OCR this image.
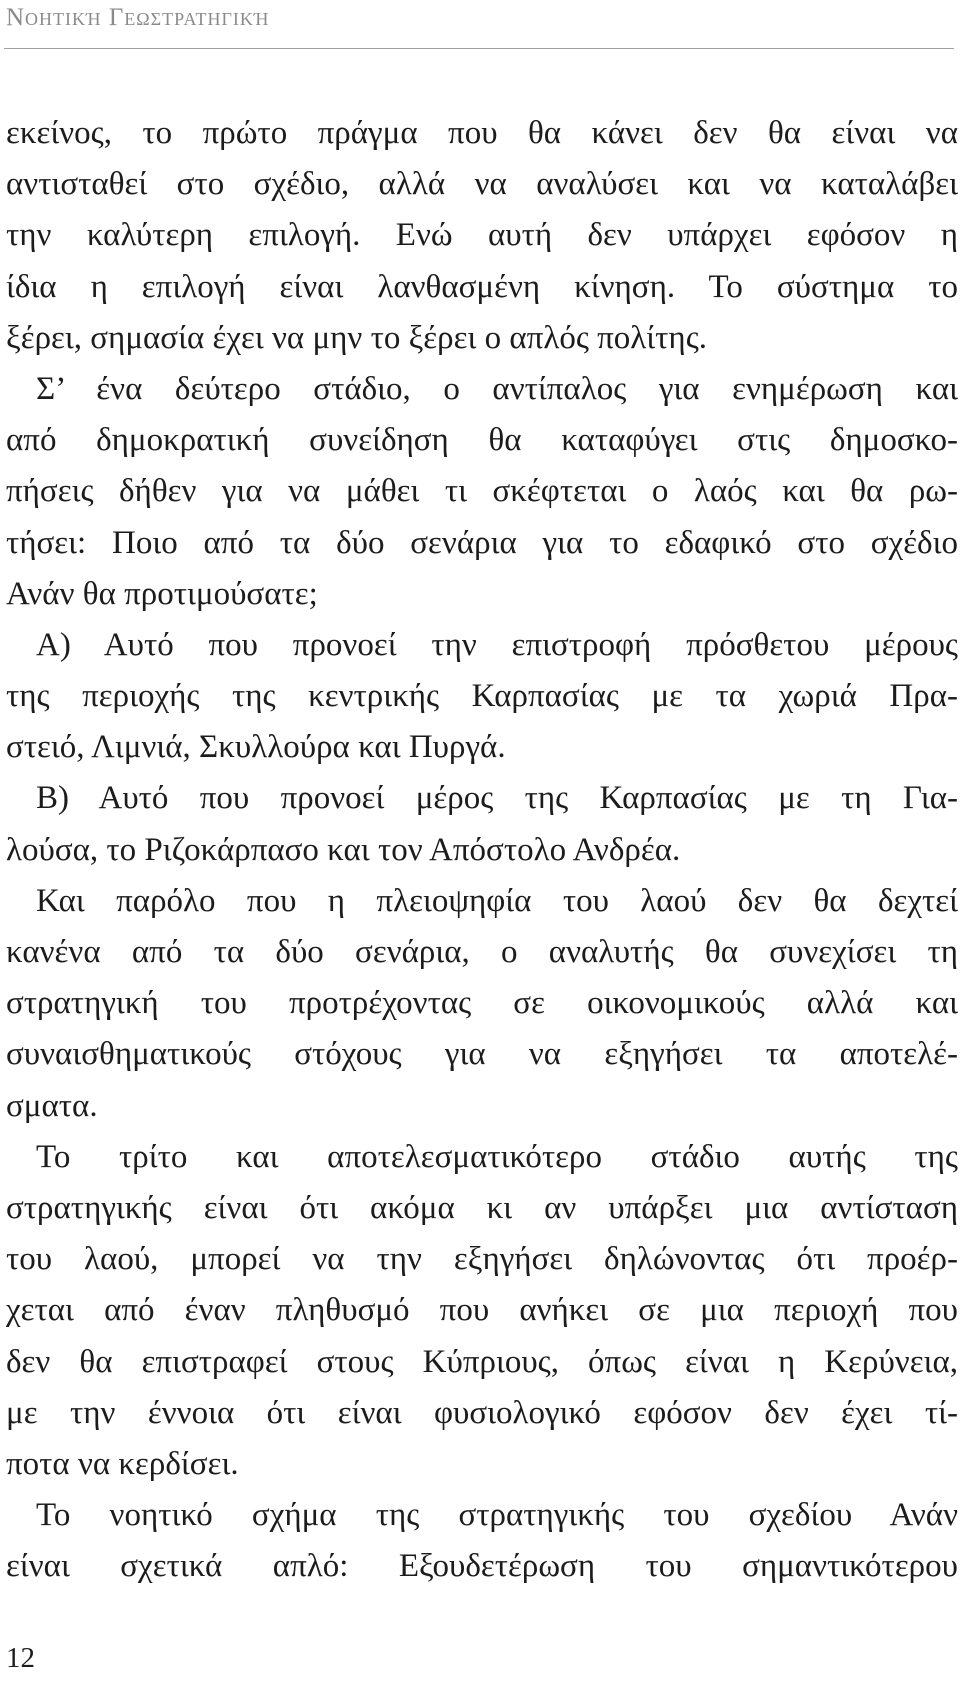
Νοητική Γεωστρατηγική
εκείνος, το πρώτο πράγμα που θα κάνει δεν θα είναι να
αντισταθεί στο σχέδιο, αλλά να αναλύσει και να καταλάβει
την καλύτερη επιλογή. Ενώ αυτή δεν υπάρχει εφόσον η
ίδια η επιλογή είναι λανθασμένη κίνηση. Το σύστημα το
ξέρει, σημασία έχει να μην το ξέρει ο απλός πολίτης.
Σ’ ένα δεύτερο στάδιο, ο αντίπαλος για ενημέρωση και
από δημοκρατική συνείδηση θα καταφύγει στις δημοσκο-
πήσεις δήθεν για να μάθει τι σκέφτεται ο λαός και θα ρω-
τήσει: Ποιο από τα δύο σενάρια για το εδαφικό στο σχέδιο
Ανάν θα προτιμούσατε;
Α) Αυτό που προνοεί την επιστροφή πρόσθετου μέρους
της περιοχής της κεντρικής Καρπασίας με τα χωριά Πρα-
στειό, Λιμνιά, Σκυλλούρα και Πυργά.
Β) Αυτό που προνοεί μέρος της Καρπασίας με τη Για-
λούσα, το Ριζοκάρπασο και τον Απόστολο Ανδρέα.
Και παρόλο που η πλειοψηφία του λαού δεν θα δεχτεί
κανένα από τα δύο σενάρια, ο αναλυτής θα συνεχίσει τη
στρατηγική του προτρέχοντας σε οικονομικούς αλλά και
συναισθηματικούς στόχους για να εξηγήσει τα αποτελέ-
σματα.
Το τρίτο και αποτελεσματικότερο στάδιο αυτής της
στρατηγικής είναι ότι ακόμα κι αν υπάρξει μια αντίσταση
του λαού, μπορεί να την εξηγήσει δηλώνοντας ότι προέρ-
χεται από έναν πληθυσμό που ανήκει σε μια περιοχή που
δεν θα επιστραφεί στους Κύπριους, όπως είναι η Κερύνεια,
με την έννοια ότι είναι φυσιολογικό εφόσον δεν έχει τί-
ποτα να κερδίσει.
Το νοητικό σχήμα της στρατηγικής του σχεδίου Ανάν
είναι σχετικά απλό: Εξουδετέρωση του σημαντικότερου
12
